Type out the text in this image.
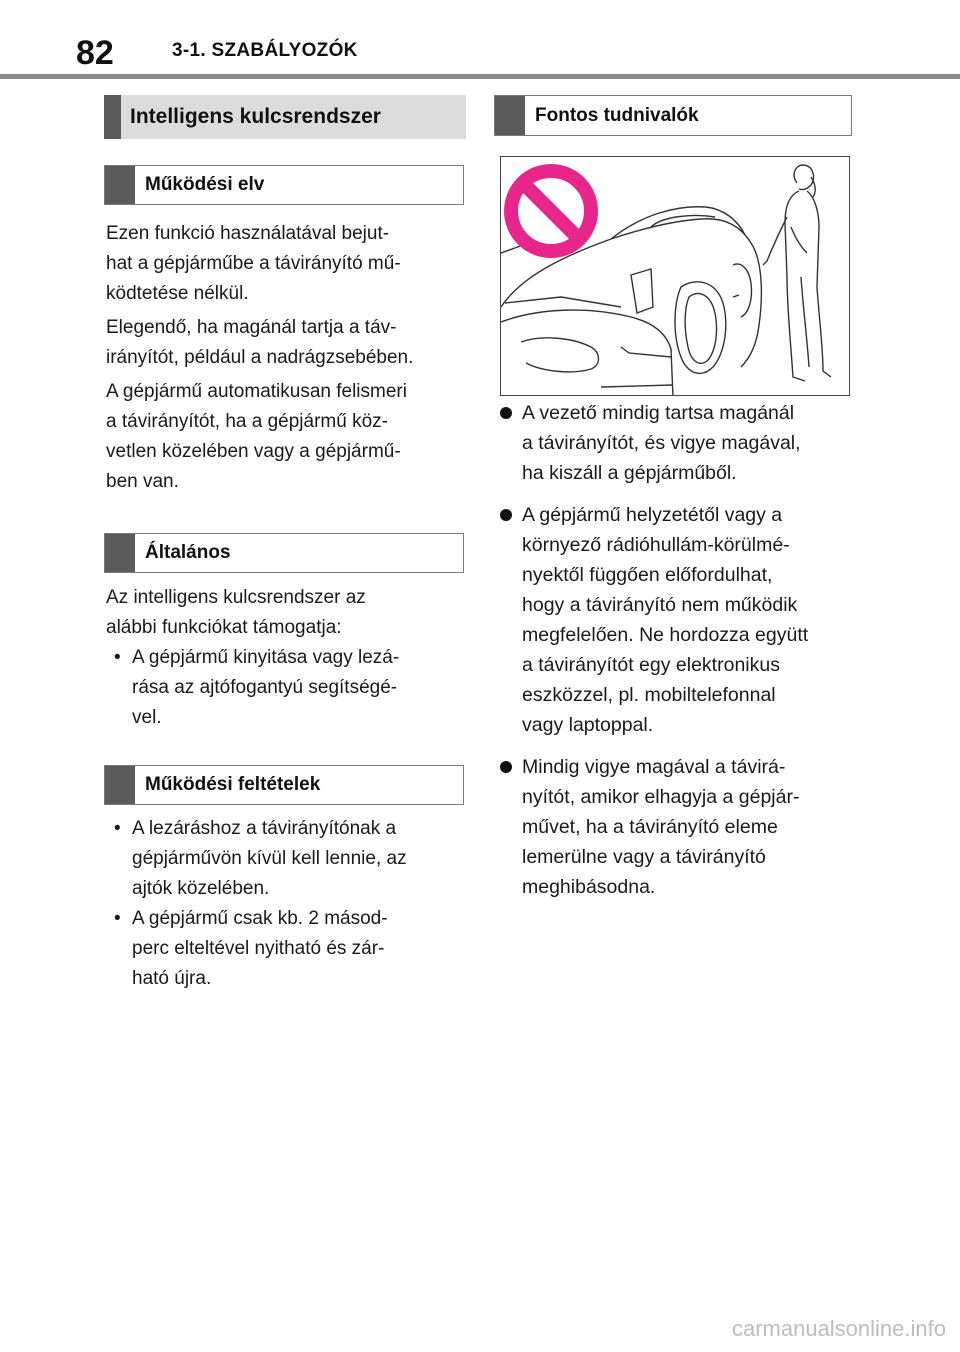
82	3-1. SZABÁLYOZÓK
Intelligens kulcsrendszer
Működési elv

Ezen funkció használatával bejut-
hat a gépjárműbe a távirányító mű-
ködtetése nélkül.

Elegendő, ha magánál tartja a táv-
irányítót, például a nadrágzsebében.

A gépjármű automatikusan felismeri
a távirányítót, ha a gépjármű köz-
vetlen közelében vagy a gépjármű-
ben van.

Általános

Az intelligens kulcsrendszer az
alábbi funkciókat támogatja:

• A gépjármű kinyitása vagy lezá-
rása az ajtófogantyú segítségé-
vel.
Működési feltételek
• A lezáráshoz a távirányítónak a
gépjárművön kívül kell lennie, az
ajtók közelében.
• A gépjármű csak kb. 2 másod-
perc elteltével nyitható és zár-
ható újra.
Fontos tudnivalók
A vezető mindig tartsa magánál
a távirányítót, és vigye magával,
ha kiszáll a gépjárműből.
A gépjármű helyzetétől vagy a
környező rádióhullám-körülmé-
nyektől függően előfordulhat,
hogy a távirányító nem működik
megfelelően. Ne hordozza együtt
a távirányítót egy elektronikus
eszközzel, pl. mobiltelefonnal
vagy laptoppal.
Mindig vigye magával a távirá-
nyítót, amikor elhagyja a gépjár-
művet, ha a távirányító eleme
lemerülne vagy a távirányító
meghibásodna.
carmanualsonline.info
